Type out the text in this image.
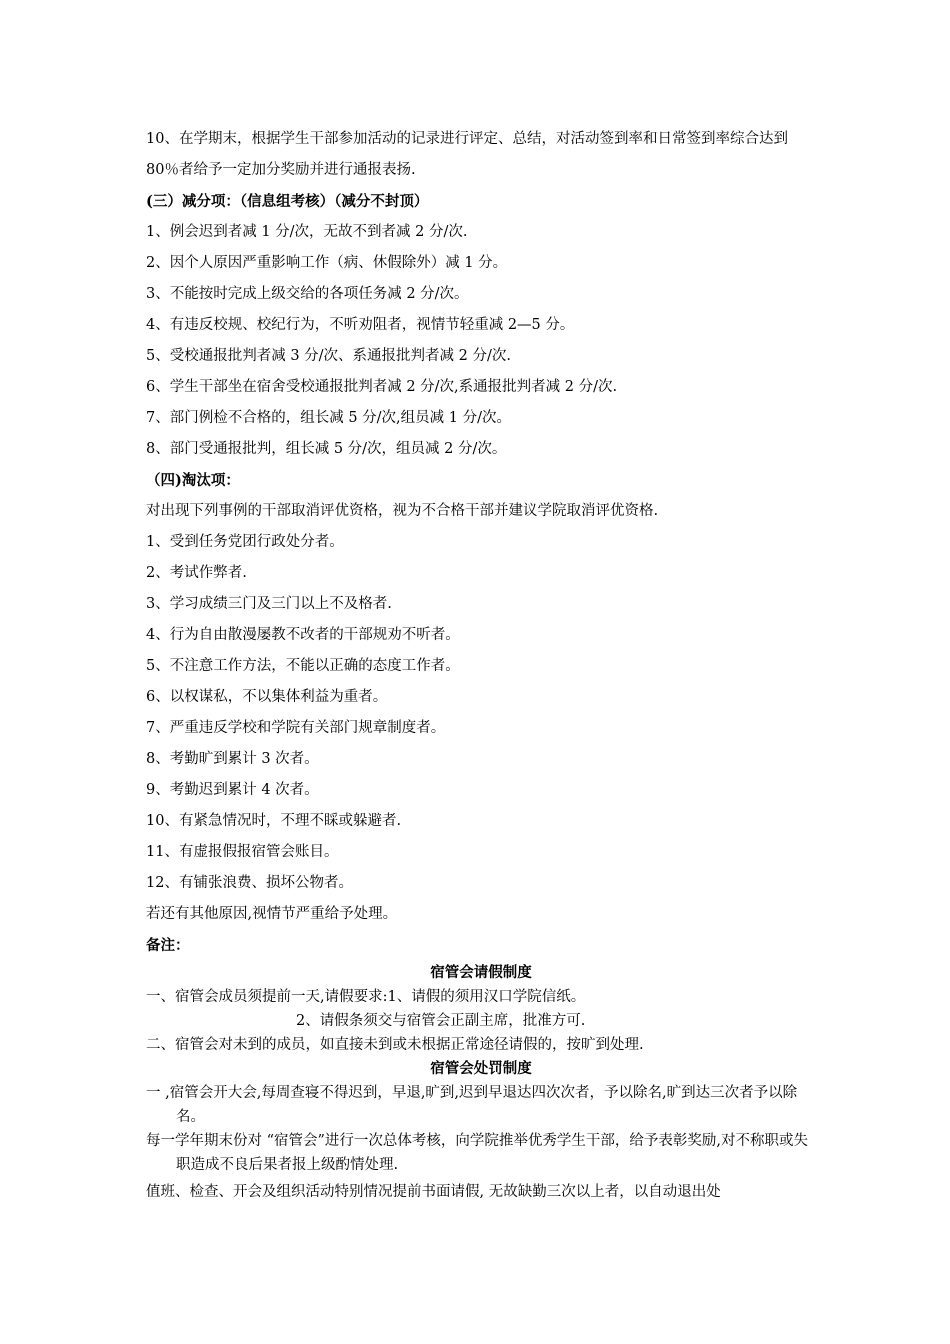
10、在学期末，根据学生干部参加活动的记录进行评定、总结，对活动签到率和日常签到率综合达到 80％者给予一定加分奖励并进行通报表扬.
(三）减分项：（信息组考核）（减分不封顶）
1、例会迟到者减 1 分/次，无故不到者减 2 分/次.
2、因个人原因严重影响工作（病、休假除外）减 1 分。
3、不能按时完成上级交给的各项任务减 2 分/次。
4、有违反校规、校纪行为，不听劝阻者，视情节轻重减 2—5 分。
5、受校通报批判者减 3 分/次、系通报批判者减 2 分/次.
6、学生干部坐在宿舍受校通报批判者减 2 分/次,系通报批判者减 2 分/次.
7、部门例检不合格的，组长减 5 分/次,组员减 1 分/次。
8、部门受通报批判，组长减 5 分/次，组员减 2 分/次。
（四)淘汰项：
对出现下列事例的干部取消评优资格，视为不合格干部并建议学院取消评优资格.
1、受到任务党团行政处分者。
2、考试作弊者.
3、学习成绩三门及三门以上不及格者.
4、行为自由散漫屡教不改者的干部规劝不听者。
5、不注意工作方法，不能以正确的态度工作者。
6、以权谋私，不以集体利益为重者。
7、严重违反学校和学院有关部门规章制度者。
8、考勤旷到累计 3 次者。
9、考勤迟到累计 4 次者。
10、有紧急情况时，不理不睬或躲避者.
11、有虚报假报宿管会账目。
12、有铺张浪费、损坏公物者。
若还有其他原因,视情节严重给予处理。
备注：
宿管会请假制度
一、宿管会成员须提前一天,请假要求:1、请假的须用汉口学院信纸。
2、请假条须交与宿管会正副主席，批准方可.
二、宿管会对未到的成员，如直接未到或未根据正常途径请假的，按旷到处理.
宿管会处罚制度
一 ,宿管会开大会,每周查寝不得迟到，早退,旷到,迟到早退达四次次者，予以除名,旷到达三次者予以除名。
每一学年期末份对 “宿管会”进行一次总体考核，向学院推举优秀学生干部，给予表彰奖励,对不称职或失职造成不良后果者报上级酌情处理.
值班、检查、开会及组织活动特别情况提前书面请假, 无故缺勤三次以上者，以自动退出处
